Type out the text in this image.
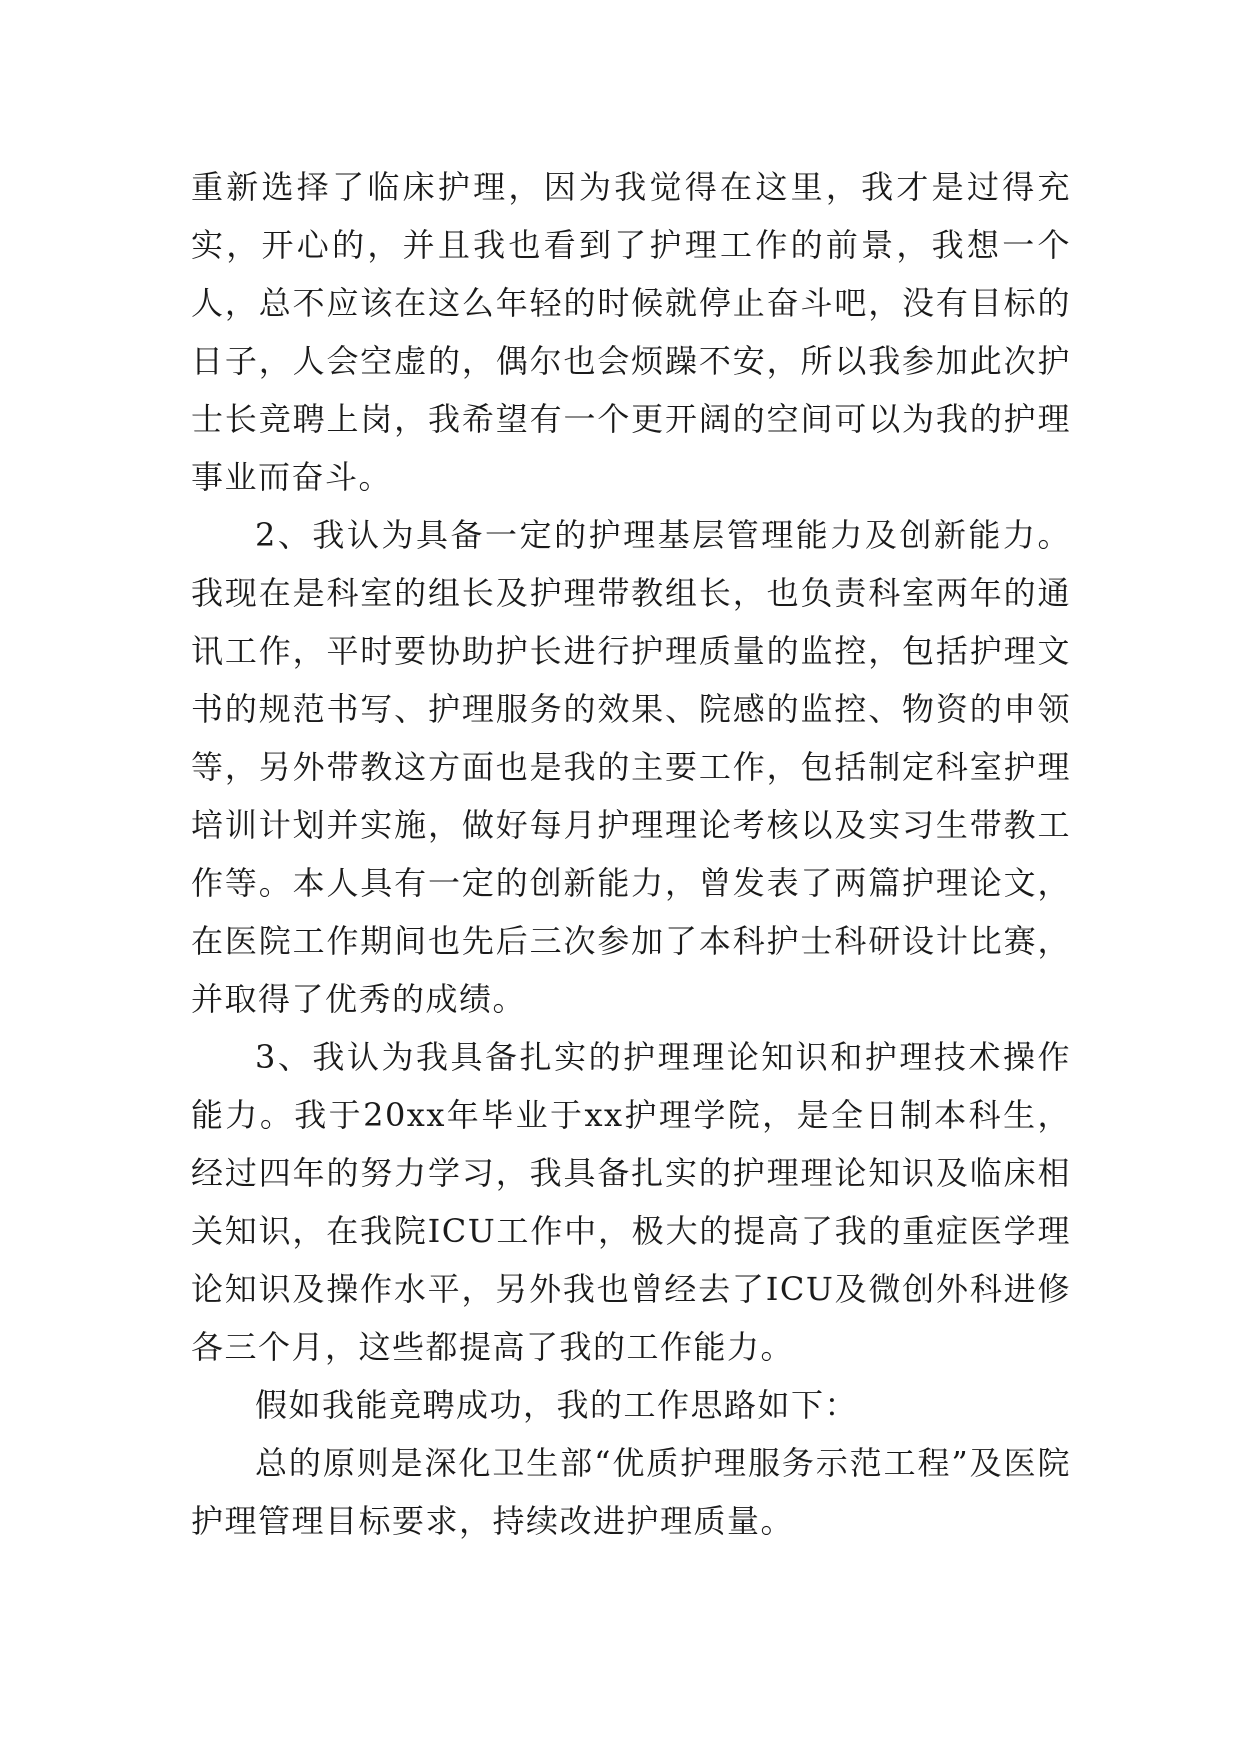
重新选择了临床护理，因为我觉得在这里，我才是过得充实，开心的，并且我也看到了护理工作的前景，我想一个人，总不应该在这么年轻的时候就停止奋斗吧，没有目标的日子，人会空虚的，偶尔也会烦躁不安，所以我参加此次护士长竞聘上岗，我希望有一个更开阔的空间可以为我的护理事业而奋斗。

2、我认为具备一定的护理基层管理能力及创新能力。我现在是科室的组长及护理带教组长，也负责科室两年的通讯工作，平时要协助护长进行护理质量的监控，包括护理文书的规范书写、护理服务的效果、院感的监控、物资的申领等，另外带教这方面也是我的主要工作，包括制定科室护理培训计划并实施，做好每月护理理论考核以及实习生带教工作等。本人具有一定的创新能力，曾发表了两篇护理论文，在医院工作期间也先后三次参加了本科护士科研设计比赛，并取得了优秀的成绩。

3、我认为我具备扎实的护理理论知识和护理技术操作能力。我于20xx年毕业于xx护理学院，是全日制本科生，经过四年的努力学习，我具备扎实的护理理论知识及临床相关知识，在我院ICU工作中，极大的提高了我的重症医学理论知识及操作水平，另外我也曾经去了ICU及微创外科进修各三个月，这些都提高了我的工作能力。

假如我能竞聘成功，我的工作思路如下：

总的原则是深化卫生部“优质护理服务示范工程”及医院护理管理目标要求，持续改进护理质量。
